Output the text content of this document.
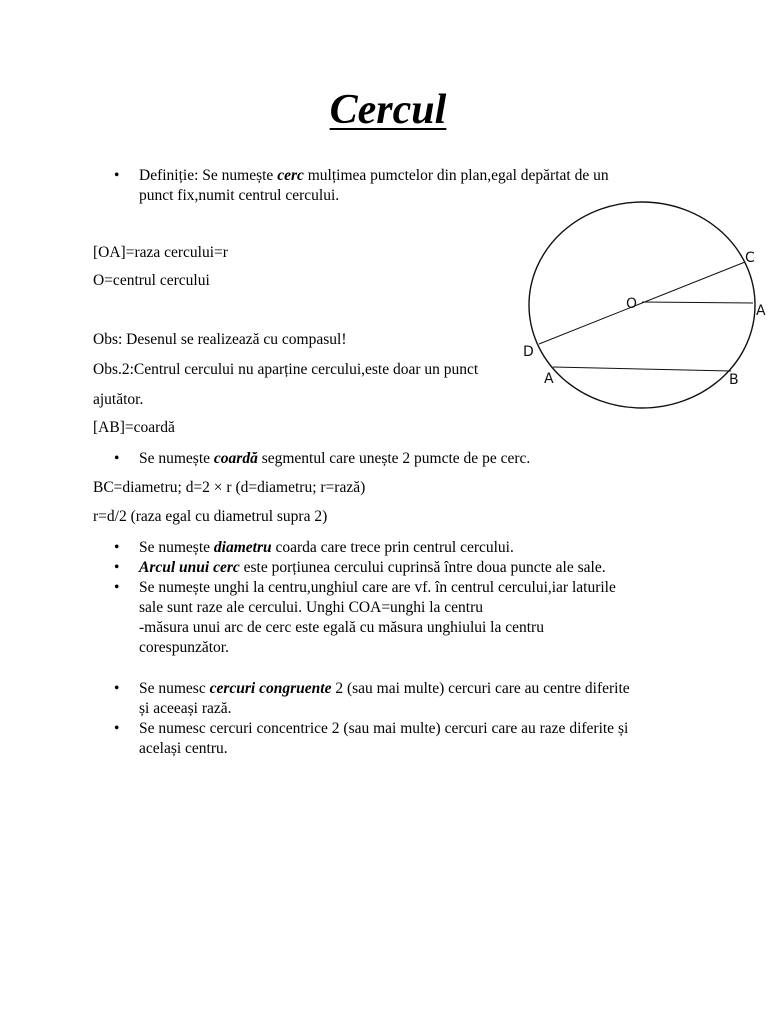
Cercul
• Definiție: Se numește cerc mulțimea pumctelor din plan,egal depărtat de un
punct fix,numit centrul cercului.
[OA]=raza cercului=r
O=centrul cercului
Obs: Desenul se realizează cu compasul!
Obs.2:Centrul cercului nu aparține cercului,este doar un punct
ajutător.
[AB]=coardă
• Se numește coardă segmentul care unește 2 pumcte de pe cerc.
BC=diametru; d=2 × r (d=diametru; r=rază)
r=d/2 (raza egal cu diametrul supra 2)
• Se numește diametru coarda care trece prin centrul cercului.
• Arcul unui cerc este porțiunea cercului cuprinsă între doua puncte ale sale.
• Se numește unghi la centru,unghiul care are vf. în centrul cercului,iar laturile
sale sunt raze ale cercului. Unghi COA=unghi la centru
-măsura unui arc de cerc este egală cu măsura unghiului la centru
corespunzător.
• Se numesc cercuri congruente 2 (sau mai multe) cercuri care au centre diferite
și aceeași rază.
• Se numesc cercuri concentrice 2 (sau mai multe) cercuri care au raze diferite și
același centru.
C
O	A
D
A	B
